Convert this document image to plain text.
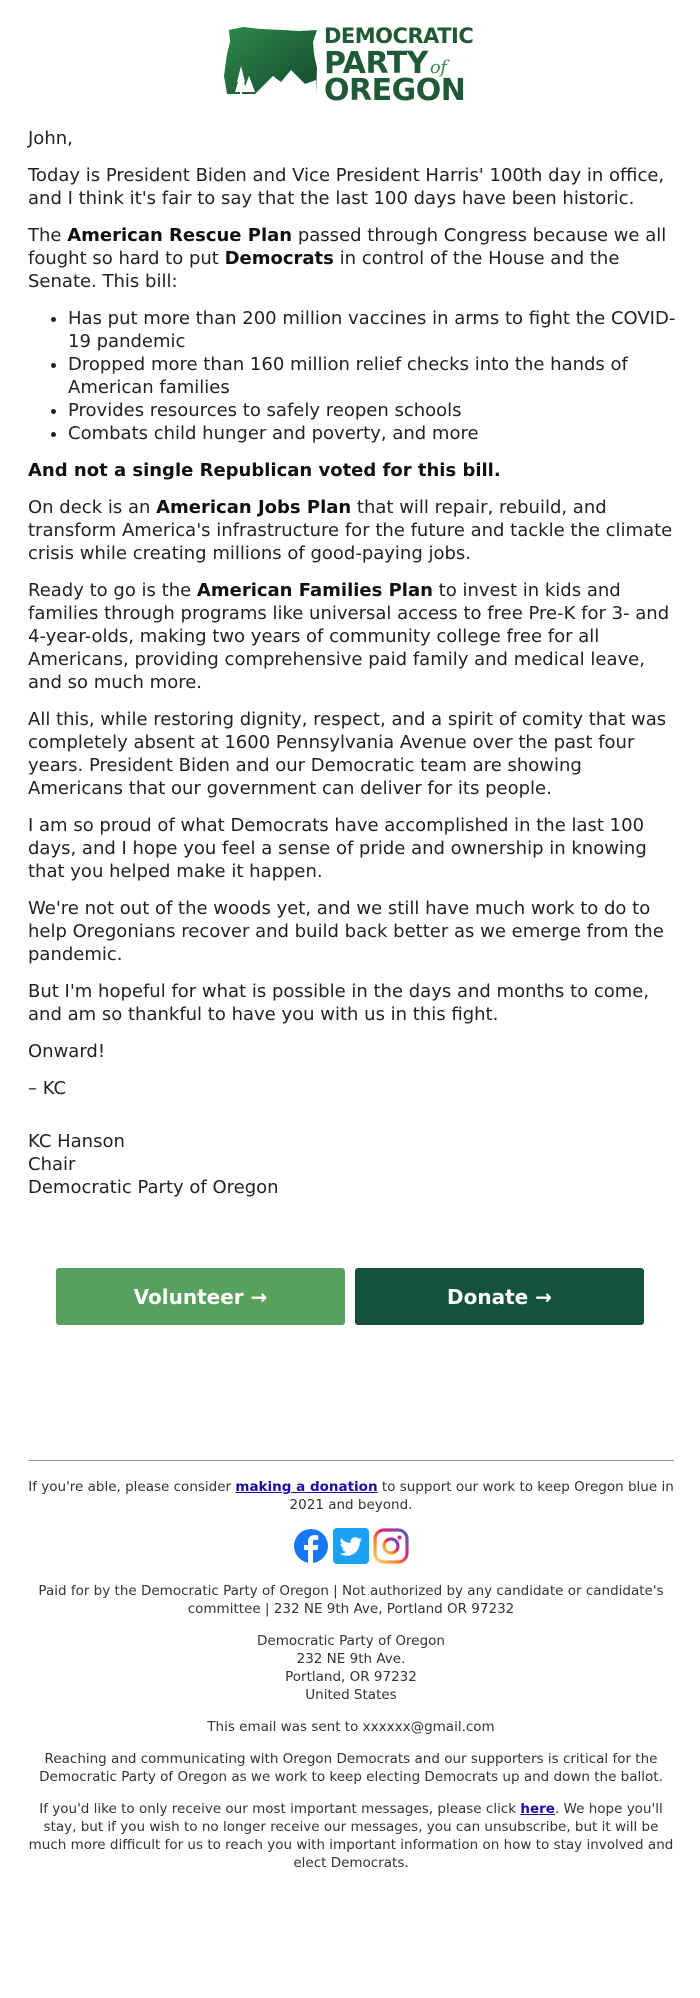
DEMOCRATIC
PARTY of
OREGON

John,

Today is President Biden and Vice President Harris' 100th day in office, and I think it's fair to say that the last 100 days have been historic.

The American Rescue Plan passed through Congress because we all fought so hard to put Democrats in control of the House and the Senate. This bill:

• Has put more than 200 million vaccines in arms to fight the COVID-19 pandemic
• Dropped more than 160 million relief checks into the hands of American families
• Provides resources to safely reopen schools
• Combats child hunger and poverty, and more

And not a single Republican voted for this bill.

On deck is an American Jobs Plan that will repair, rebuild, and transform America's infrastructure for the future and tackle the climate crisis while creating millions of good-paying jobs.

Ready to go is the American Families Plan to invest in kids and families through programs like universal access to free Pre-K for 3- and 4-year-olds, making two years of community college free for all Americans, providing comprehensive paid family and medical leave, and so much more.

All this, while restoring dignity, respect, and a spirit of comity that was completely absent at 1600 Pennsylvania Avenue over the past four years. President Biden and our Democratic team are showing Americans that our government can deliver for its people.

I am so proud of what Democrats have accomplished in the last 100 days, and I hope you feel a sense of pride and ownership in knowing that you helped make it happen.

We're not out of the woods yet, and we still have much work to do to help Oregonians recover and build back better as we emerge from the pandemic.

But I'm hopeful for what is possible in the days and months to come, and am so thankful to have you with us in this fight.

Onward!

– KC

KC Hanson
Chair
Democratic Party of Oregon

Volunteer →	Donate →

If you're able, please consider making a donation to support our work to keep Oregon blue in 2021 and beyond.

Paid for by the Democratic Party of Oregon | Not authorized by any candidate or candidate's committee | 232 NE 9th Ave, Portland OR 97232

Democratic Party of Oregon
232 NE 9th Ave.
Portland, OR 97232
United States

This email was sent to xxxxxx@gmail.com

Reaching and communicating with Oregon Democrats and our supporters is critical for the Democratic Party of Oregon as we work to keep electing Democrats up and down the ballot.

If you'd like to only receive our most important messages, please click here. We hope you'll stay, but if you wish to no longer receive our messages, you can unsubscribe, but it will be much more difficult for us to reach you with important information on how to stay involved and elect Democrats.
